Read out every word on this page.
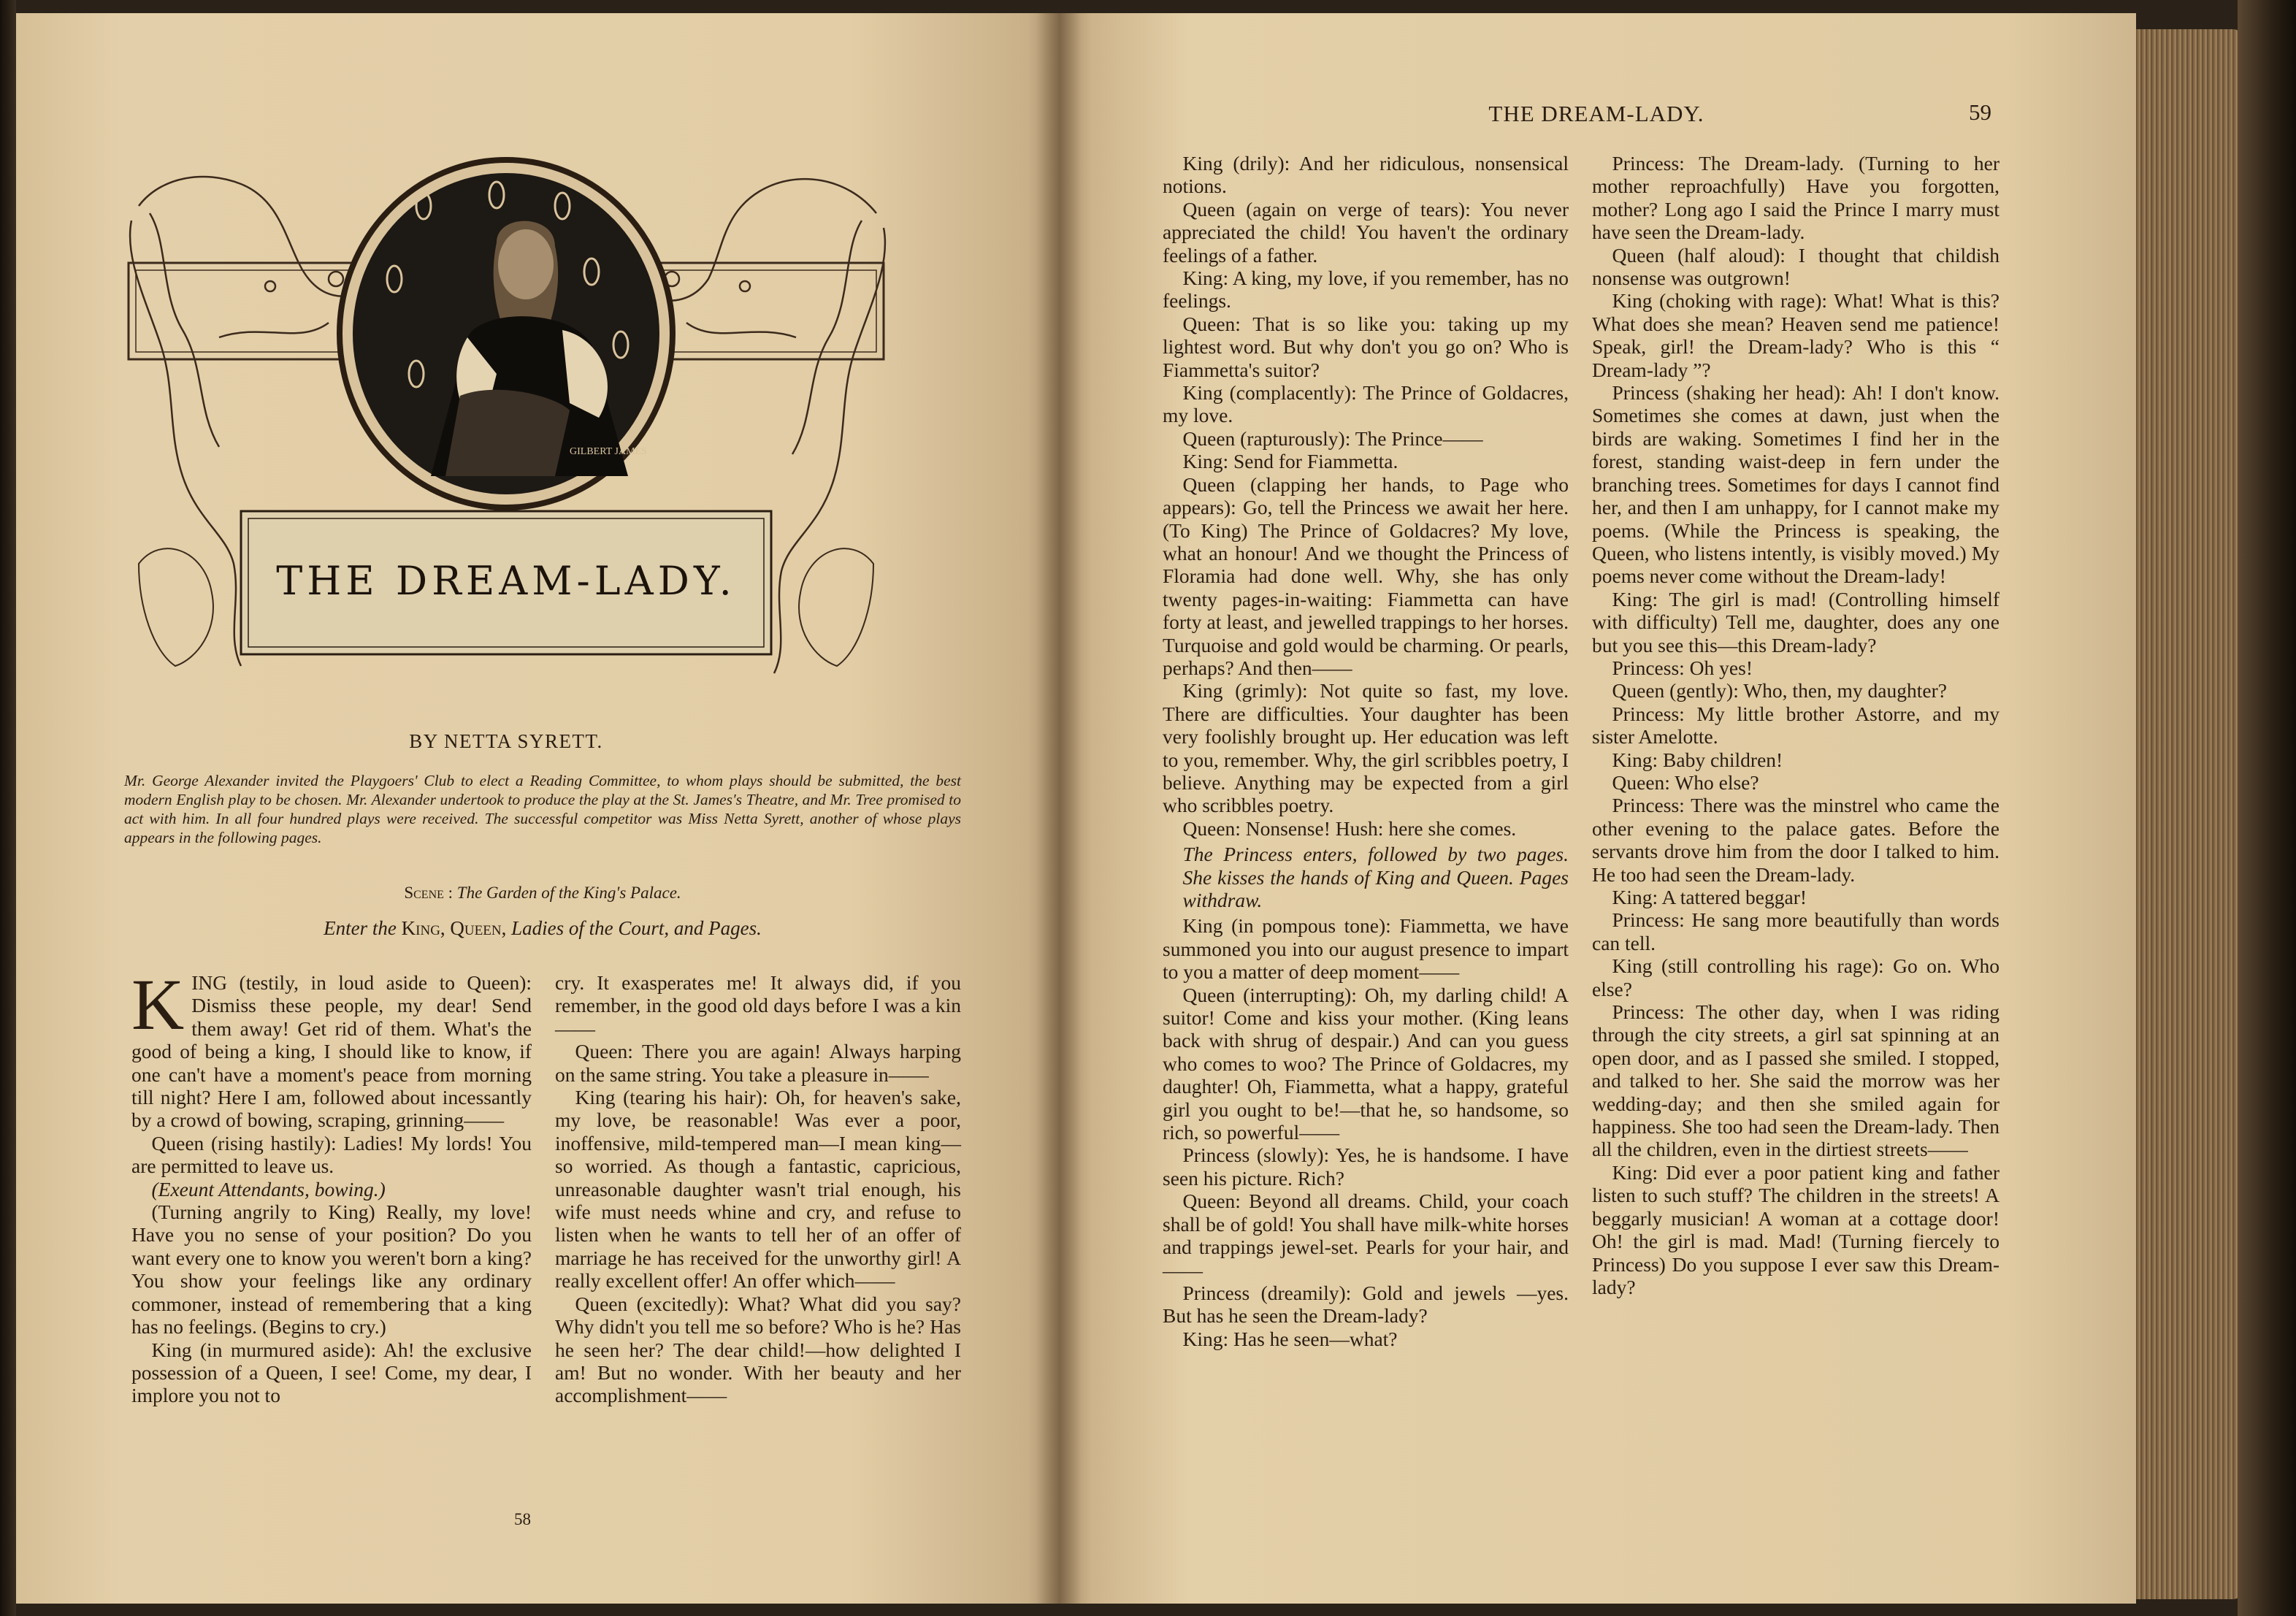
GILBERT JAMES
THE DREAM-LADY.
BY NETTA SYRETT.

Mr. George Alexander invited the Playgoers' Club to elect a Reading Committee, to whom plays should be submitted, the best modern English play to be chosen. Mr. Alexander undertook to produce the play at the St. James's Theatre, and Mr. Tree promised to act with him. In all four hundred plays were received. The successful competitor was Miss Netta Syrett, another of whose plays appears in the following pages.

Scene : The Garden of the King's Palace.
Enter the King, Queen, Ladies of the Court, and Pages.

KING (testily, in loud aside to Queen): Dismiss these people, my dear! Send them away! Get rid of them. What's the good of being a king, I should like to know, if one can't have a moment's peace from morning till night? Here I am, followed about incessantly by a crowd of bowing, scraping, grinning——

Queen (rising hastily): Ladies! My lords! You are permitted to leave us.

(Exeunt Attendants, bowing.)

(Turning angrily to King) Really, my love! Have you no sense of your position? Do you want every one to know you weren't born a king? You show your feelings like any ordinary commoner, instead of remembering that a king has no feelings. (Begins to cry.)

King (in murmured aside): Ah! the exclusive possession of a Queen, I see! Come, my dear, I implore you not to

cry. It exasperates me! It always did, if you remember, in the good old days before I was a kin——

Queen: There you are again! Always harping on the same string. You take a pleasure in——

King (tearing his hair): Oh, for heaven's sake, my love, be reasonable! Was ever a poor, inoffensive, mild-tempered man—I mean king—so worried. As though a fantastic, capricious, unreasonable daughter wasn't trial enough, his wife must needs whine and cry, and refuse to listen when he wants to tell her of an offer of marriage he has received for the unworthy girl! A really excellent offer! An offer which——

Queen (excitedly): What? What did you say? Why didn't you tell me so before? Who is he? Has he seen her? The dear child!—how delighted I am! But no wonder. With her beauty and her accomplishment——

58
THE DREAM-LADY.	59

King (drily): And her ridiculous, nonsensical notions.

Queen (again on verge of tears): You never appreciated the child! You haven't the ordinary feelings of a father.

King: A king, my love, if you remember, has no feelings.

Queen: That is so like you: taking up my lightest word. But why don't you go on? Who is Fiammetta's suitor?

King (complacently): The Prince of Goldacres, my love.

Queen (rapturously): The Prince——

King: Send for Fiammetta.

Queen (clapping her hands, to Page who appears): Go, tell the Princess we await her here. (To King) The Prince of Goldacres? My love, what an honour! And we thought the Princess of Floramia had done well. Why, she has only twenty pages-in-waiting: Fiammetta can have forty at least, and jewelled trappings to her horses. Turquoise and gold would be charming. Or pearls, perhaps? And then——

King (grimly): Not quite so fast, my love. There are difficulties. Your daughter has been very foolishly brought up. Her education was left to you, remember. Why, the girl scribbles poetry, I believe. Anything may be expected from a girl who scribbles poetry.

Queen: Nonsense! Hush: here she comes.

The Princess enters, followed by two pages. She kisses the hands of King and Queen. Pages withdraw.

King (in pompous tone): Fiammetta, we have summoned you into our august presence to impart to you a matter of deep moment——

Queen (interrupting): Oh, my darling child! A suitor! Come and kiss your mother. (King leans back with shrug of despair.) And can you guess who comes to woo? The Prince of Goldacres, my daughter! Oh, Fiammetta, what a happy, grateful girl you ought to be!—that he, so handsome, so rich, so powerful——

Princess (slowly): Yes, he is handsome. I have seen his picture. Rich?

Queen: Beyond all dreams. Child, your coach shall be of gold! You shall have milk-white horses and trappings jewel-set. Pearls for your hair, and——

Princess (dreamily): Gold and jewels —yes. But has he seen the Dream-lady?

King: Has he seen—what?

Princess: The Dream-lady. (Turning to her mother reproachfully) Have you forgotten, mother? Long ago I said the Prince I marry must have seen the Dream-lady.

Queen (half aloud): I thought that childish nonsense was outgrown!

King (choking with rage): What! What is this? What does she mean? Heaven send me patience! Speak, girl! the Dream-lady? Who is this “ Dream-lady ”?

Princess (shaking her head): Ah! I don't know. Sometimes she comes at dawn, just when the birds are waking. Sometimes I find her in the forest, standing waist-deep in fern under the branching trees. Sometimes for days I cannot find her, and then I am unhappy, for I cannot make my poems. (While the Princess is speaking, the Queen, who listens intently, is visibly moved.) My poems never come without the Dream-lady!

King: The girl is mad! (Controlling himself with difficulty) Tell me, daughter, does any one but you see this—this Dream-lady?

Princess: Oh yes!

Queen (gently): Who, then, my daughter?

Princess: My little brother Astorre, and my sister Amelotte.

King: Baby children!

Queen: Who else?

Princess: There was the minstrel who came the other evening to the palace gates. Before the servants drove him from the door I talked to him. He too had seen the Dream-lady.

King: A tattered beggar!

Princess: He sang more beautifully than words can tell.

King (still controlling his rage): Go on. Who else?

Princess: The other day, when I was riding through the city streets, a girl sat spinning at an open door, and as I passed she smiled. I stopped, and talked to her. She said the morrow was her wedding-day; and then she smiled again for happiness. She too had seen the Dream-lady. Then all the children, even in the dirtiest streets——

King: Did ever a poor patient king and father listen to such stuff? The children in the streets! A beggarly musician! A woman at a cottage door! Oh! the girl is mad. Mad! (Turning fiercely to Princess) Do you suppose I ever saw this Dream-lady?
